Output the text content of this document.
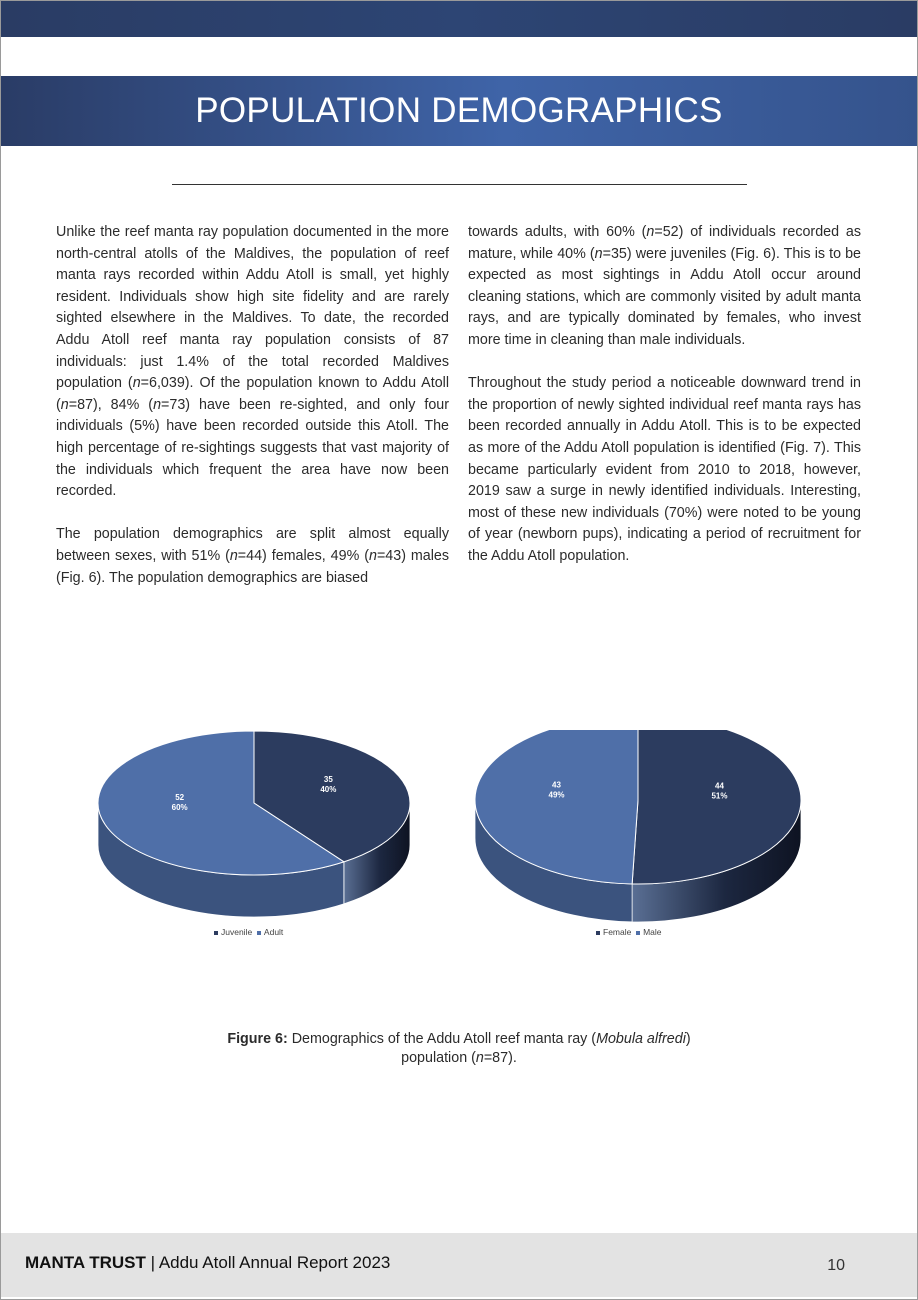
POPULATION DEMOGRAPHICS

Unlike the reef manta ray population documented in the more north-central atolls of the Maldives, the population of reef manta rays recorded within Addu Atoll is small, yet highly resident. Individuals show high site fidelity and are rarely sighted elsewhere in the Maldives. To date, the recorded Addu Atoll reef manta ray population consists of 87 individuals: just 1.4% of the total recorded Maldives population (n=6,039). Of the population known to Addu Atoll (n=87), 84% (n=73) have been re-sighted, and only four individuals (5%) have been recorded outside this Atoll. The high percentage of re-sightings suggests that vast majority of the individuals which frequent the area have now been recorded.

The population demographics are split almost equally between sexes, with 51% (n=44) females, 49% (n=43) males (Fig. 6). The population demographics are biased

towards adults, with 60% (n=52) of individuals recorded as mature, while 40% (n=35) were juveniles (Fig. 6). This is to be expected as most sightings in Addu Atoll occur around cleaning stations, which are commonly visited by adult manta rays, and are typically dominated by females, who invest more time in cleaning than male individuals.

Throughout the study period a noticeable downward trend in the proportion of newly sighted individual reef manta rays has been recorded annually in Addu Atoll. This is to be expected as more of the Addu Atoll population is identified (Fig. 7). This became particularly evident from 2010 to 2018, however, 2019 saw a surge in newly identified individuals. Interesting, most of these new individuals (70%) were noted to be young of year (newborn pups), indicating a period of recruitment for the Addu Atoll population.

35
40%
52
60%
44
51%
43
49%
Juvenile Adult	Female Male
Figure 6: Demographics of the Addu Atoll reef manta ray (Mobula alfredi)
population (n=87).
MANTA TRUST | Addu Atoll Annual Report 2023	10
